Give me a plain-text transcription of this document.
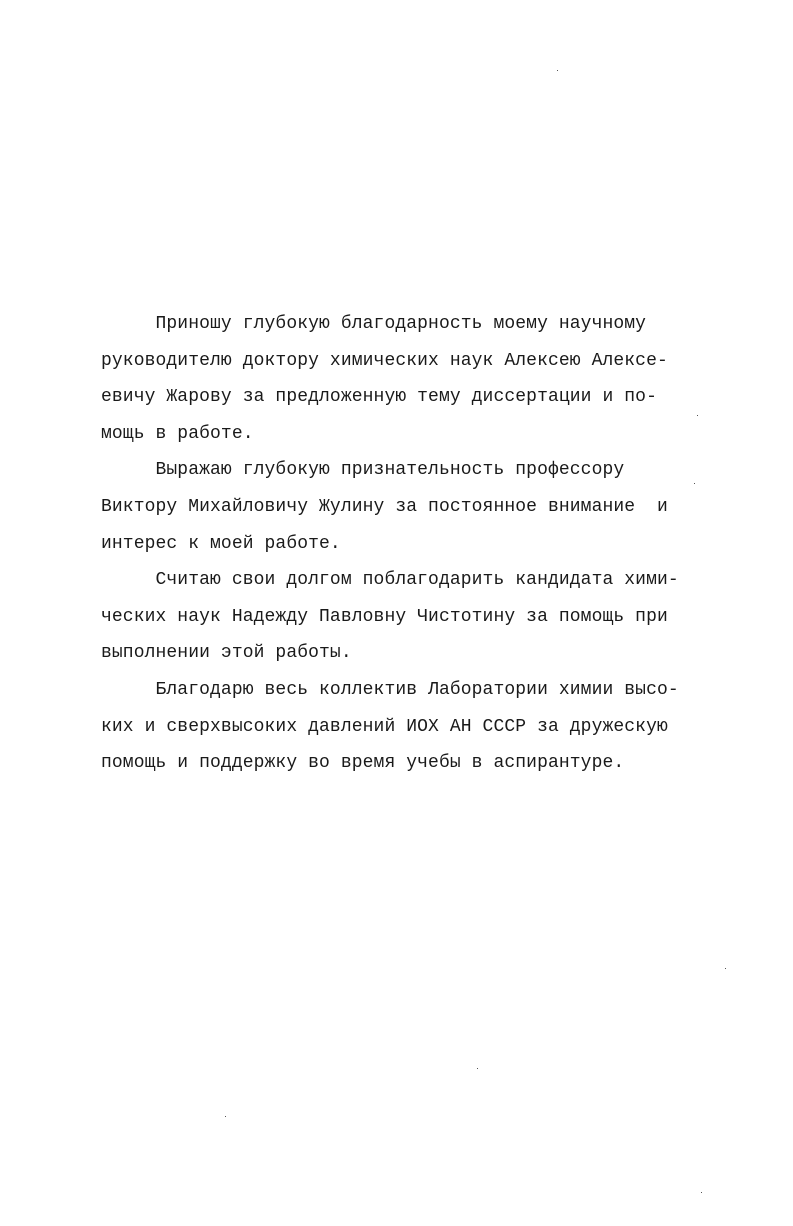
Приношу глубокую благодарность моему научному
руководителю доктору химических наук Алексею Алексе-
евичу Жарову за предложенную тему диссертации и по-
мощь в работе.
Выражаю глубокую признательность профессору
Виктору Михайловичу Жулину за постоянное внимание  и
интерес к моей работе.
Считаю свои долгом поблагодарить кандидата хими-
ческих наук Надежду Павловну Чистотину за помощь при
выполнении этой работы.
Благодарю весь коллектив Лаборатории химии высо-
ких и сверхвысоких давлений ИОХ АН СССР за дружескую
помощь и поддержку во время учебы в аспирантуре.
